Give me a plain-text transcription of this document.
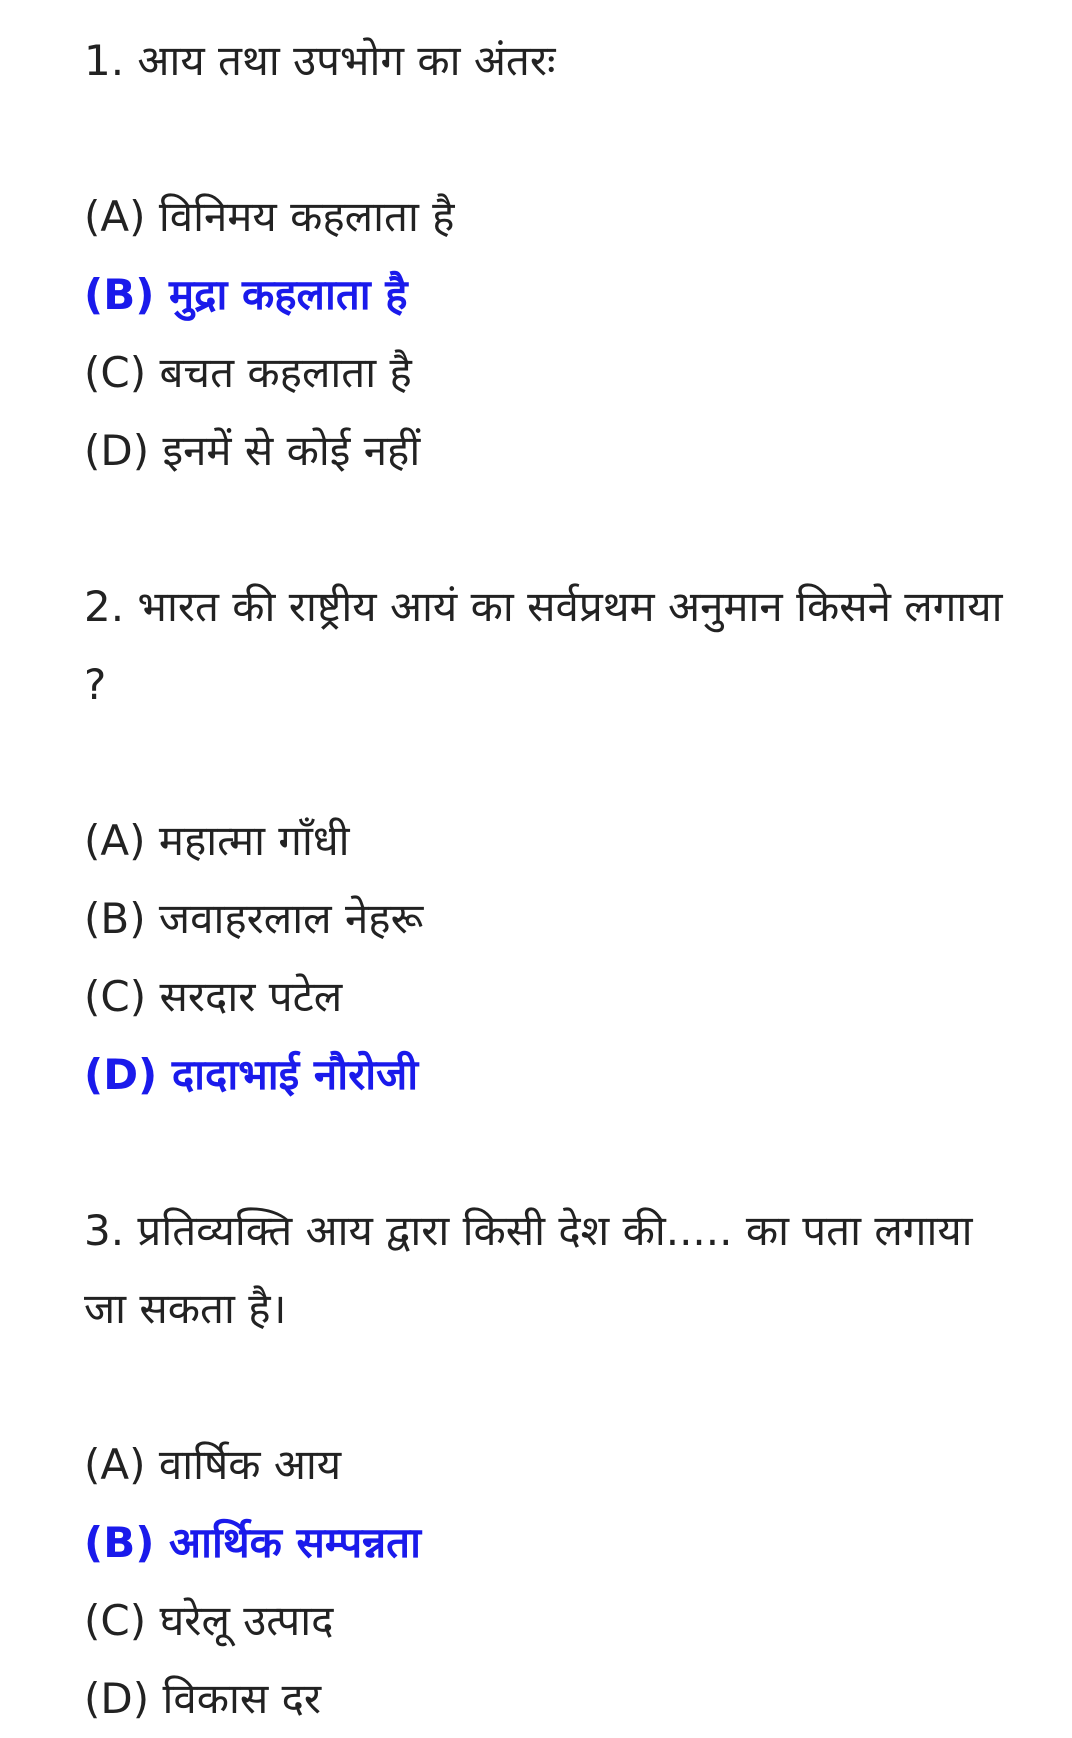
1. आय तथा उपभोग का अंतरः

(A) विनिमय कहलाता है

(B) मुद्रा कहलाता है

(C) बचत कहलाता है

(D) इनमें से कोई नहीं

2. भारत की राष्ट्रीय आयं का सर्वप्रथम अनुमान किसने लगाया ?

(A) महात्मा गाँधी

(B) जवाहरलाल नेहरू

(C) सरदार पटेल

(D) दादाभाई नौरोजी

3. प्रतिव्यक्ति आय द्वारा किसी देश की..... का पता लगाया जा सकता है।

(A) वार्षिक आय

(B) आर्थिक सम्पन्नता

(C) घरेलू उत्पाद

(D) विकास दर
